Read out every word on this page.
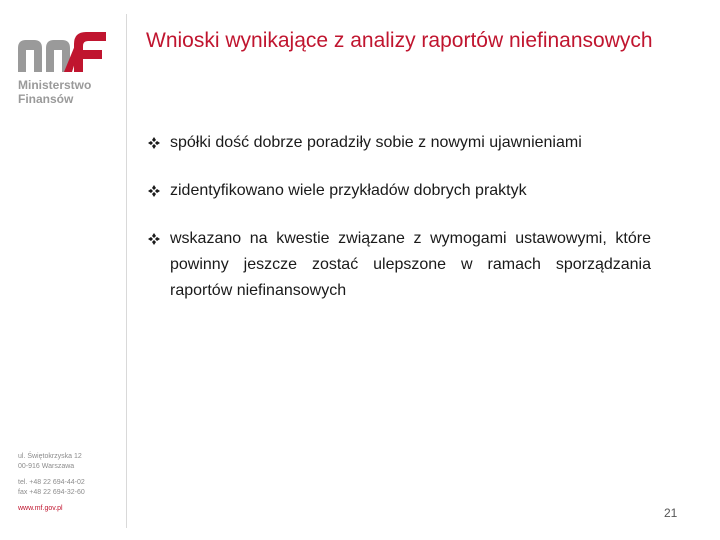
Ministerstwo
Finansów
Wnioski wynikające z analizy raportów niefinansowych
spółki dość dobrze poradziły sobie z nowymi ujawnieniami
zidentyfikowano wiele przykładów dobrych praktyk
wskazano na kwestie związane z wymogami ustawowymi, które powinny jeszcze zostać ulepszone w ramach sporządzania raportów niefinansowych
ul. Świętokrzyska 12
00-916 Warszawa
tel. +48 22 694-44-02
fax +48 22 694-32-60
www.mf.gov.pl	21
